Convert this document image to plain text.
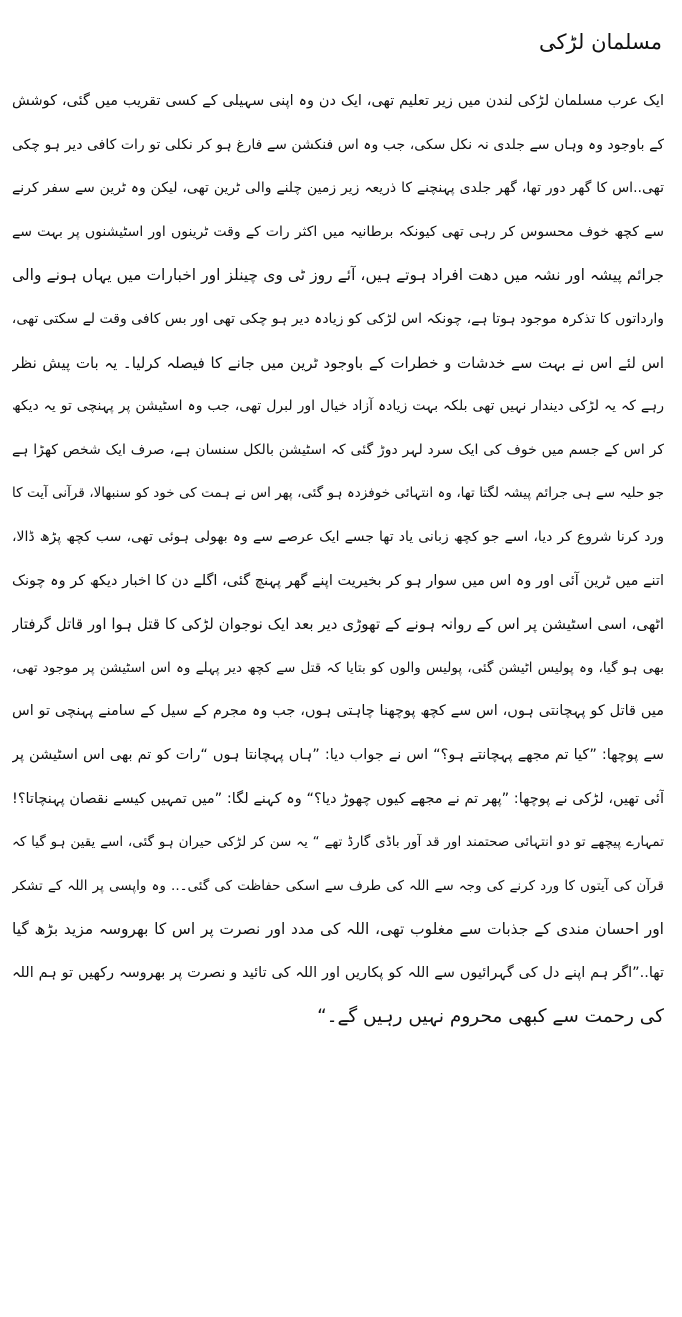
مسلمان لڑکی
ایک عرب مسلمان لڑکی لندن میں زیر تعلیم تھی، ایک دن وہ اپنی سہیلی کے کسی تقریب میں گئی، کوشش
کے باوجود وہ وہاں سے جلدی نہ نکل سکی، جب وہ اس فنکشن سے فارغ ہو کر نکلی تو رات کافی دیر ہو چکی
تھی..اس کا گھر دور تھا، گھر جلدی پہنچنے کا ذریعہ زیر زمین چلنے والی ٹرین تھی، لیکن وہ ٹرین سے سفر کرنے
سے کچھ خوف محسوس کر رہی تھی کیونکہ برطانیہ میں اکثر رات کے وقت ٹرینوں اور اسٹیشنوں پر بہت سے
جرائم پیشہ اور نشہ میں دھت افراد ہوتے ہیں، آئے روز ٹی وی چینلز اور اخبارات میں یہاں ہونے والی
وارداتوں کا تذکرہ موجود ہوتا ہے، چونکہ اس لڑکی کو زیادہ دیر ہو چکی تھی اور بس کافی وقت لے سکتی تھی،
اس لئے اس نے بہت سے خدشات و خطرات کے باوجود ٹرین میں جانے کا فیصلہ کرلیا۔ یہ بات پیش نظر
رہے کہ یہ لڑکی دیندار نہیں تھی بلکہ بہت زیادہ آزاد خیال اور لبرل تھی، جب وہ اسٹیشن پر پہنچی تو یہ دیکھ
کر اس کے جسم میں خوف کی ایک سرد لہر دوڑ گئی کہ اسٹیشن بالکل سنسان ہے، صرف ایک شخص کھڑا ہے
جو حلیہ سے ہی جرائم پیشہ لگتا تھا، وہ انتہائی خوفزدہ ہو گئی، پھر اس نے ہمت کی خود کو سنبھالا، قرآنی آیت کا
ورد کرنا شروع کر دیا، اسے جو کچھ زبانی یاد تھا جسے ایک عرصے سے وہ بھولی ہوئی تھی، سب کچھ پڑھ ڈالا،
اتنے میں ٹرین آئی اور وہ اس میں سوار ہو کر بخیریت اپنے گھر پہنچ گئی، اگلے دن کا اخبار دیکھ کر وہ چونک
اٹھی، اسی اسٹیشن پر اس کے روانہ ہونے کے تھوڑی دیر بعد ایک نوجوان لڑکی کا قتل ہوا اور قاتل گرفتار
بھی ہو گیا، وہ پولیس اٹیشن گئی، پولیس والوں کو بتایا کہ قتل سے کچھ دیر پہلے وہ اس اسٹیشن پر موجود تھی،
میں قاتل کو پہچانتی ہوں، اس سے کچھ پوچھنا چاہتی ہوں، جب وہ مجرم کے سیل کے سامنے پہنچی تو اس
سے پوچھا: ”کیا تم مجھے پہچانتے ہو؟“ اس نے جواب دیا: ”ہاں پہچانتا ہوں “رات کو تم بھی اس اسٹیشن پر
آئی تھیں، لڑکی نے پوچھا: ”پھر تم نے مجھے کیوں چھوڑ دیا؟“ وہ کہنے لگا: ”میں تمہیں کیسے نقصان پہنچاتا؟!
تمہارے پیچھے تو دو انتہائی صحتمند اور قد آور باڈی گارڈ تھے “ یہ سن کر لڑکی حیران ہو گئی، اسے یقین ہو گیا کہ
قرآن کی آیتوں کا ورد کرنے کی وجہ سے اللہ کی طرف سے اسکی حفاظت کی گئی۔.. وہ واپسی پر اللہ کے تشکر
اور احسان مندی کے جذبات سے مغلوب تھی، اللہ کی مدد اور نصرت پر اس کا بھروسہ مزید بڑھ گیا
تھا..”اگر ہم اپنے دل کی گہرائیوں سے اللہ کو پکاریں اور اللہ کی تائید و نصرت پر بھروسہ رکھیں تو ہم اللہ
کی رحمت سے کبھی محروم نہیں رہیں گے۔“
